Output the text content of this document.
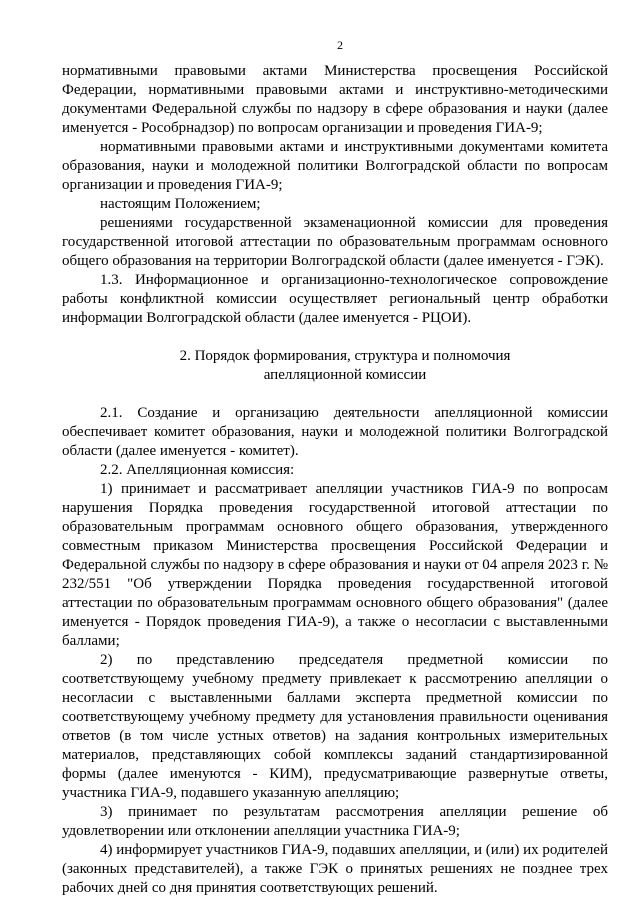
2

нормативными правовыми актами Министерства просвещения Российской Федерации, нормативными правовыми актами и инструктивно-методическими документами Федеральной службы по надзору в сфере образования и науки (далее именуется - Рособрнадзор) по вопросам организации и проведения ГИА-9;

нормативными правовыми актами и инструктивными документами комитета образования, науки и молодежной политики Волгоградской области по вопросам организации и проведения ГИА-9;

настоящим Положением;

решениями государственной экзаменационной комиссии для проведения государственной итоговой аттестации по образовательным программам основного общего образования на территории Волгоградской области (далее именуется - ГЭК).

1.3. Информационное и организационно-технологическое сопровождение работы конфликтной комиссии осуществляет региональный центр обработки информации Волгоградской области (далее именуется - РЦОИ).

2. Порядок формирования, структура и полномочия
апелляционной комиссии

2.1. Создание и организацию деятельности апелляционной комиссии обеспечивает комитет образования, науки и молодежной политики Волгоградской области (далее именуется - комитет).

2.2. Апелляционная комиссия:

1) принимает и рассматривает апелляции участников ГИА-9 по вопросам нарушения Порядка проведения государственной итоговой аттестации по образовательным программам основного общего образования, утвержденного совместным приказом Министерства просвещения Российской Федерации и Федеральной службы по надзору в сфере образования и науки от 04 апреля 2023 г. № 232/551 "Об утверждении Порядка проведения государственной итоговой аттестации по образовательным программам основного общего образования" (далее именуется - Порядок проведения ГИА-9), а также о несогласии с выставленными баллами;

2) по представлению председателя предметной комиссии по соответствующему учебному предмету привлекает к рассмотрению апелляции о несогласии с выставленными баллами эксперта предметной комиссии по соответствующему учебному предмету для установления правильности оценивания ответов (в том числе устных ответов) на задания контрольных измерительных материалов, представляющих собой комплексы заданий стандартизированной формы (далее именуются - КИМ), предусматривающие развернутые ответы, участника ГИА-9, подавшего указанную апелляцию;

3) принимает по результатам рассмотрения апелляции решение об удовлетворении или отклонении апелляции участника ГИА-9;

4) информирует участников ГИА-9, подавших апелляции, и (или) их родителей (законных представителей), а также ГЭК о принятых решениях не позднее трех рабочих дней со дня принятия соответствующих решений.
